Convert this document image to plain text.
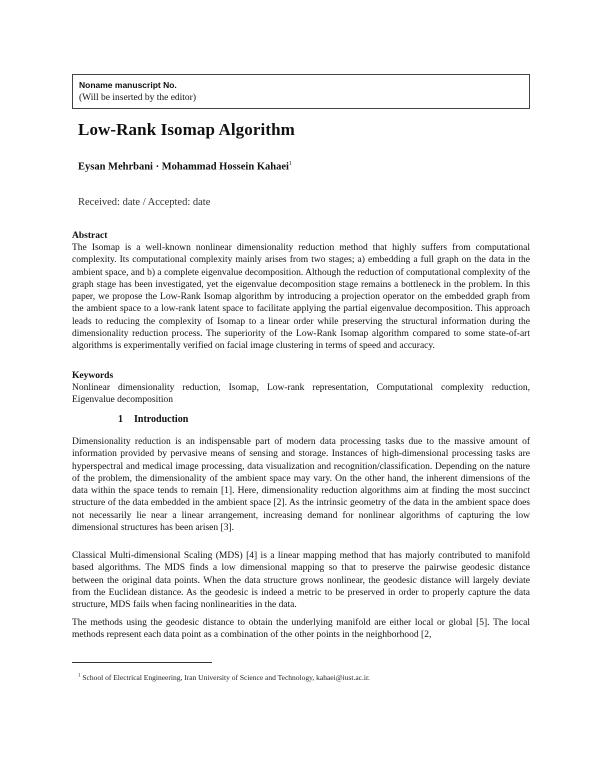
Noname manuscript No.
(Will be inserted by the editor)
Low-Rank Isomap Algorithm
Eysan Mehrbani · Mohammad Hossein Kahaei$^1$
Received: date / Accepted: date
Abstract
The Isomap is a well-known nonlinear dimensionality reduction method that highly suffers from computational complexity. Its computational complexity mainly arises from two stages; a) embedding a full graph on the data in the ambient space, and b) a complete eigenvalue decomposition. Although the reduction of computational complexity of the graph stage has been investigated, yet the eigenvalue decomposition stage remains a bottleneck in the problem. In this paper, we propose the Low-Rank Isomap algorithm by introducing a projection operator on the embedded graph from the ambient space to a low-rank latent space to facilitate applying the partial eigenvalue decomposition. This approach leads to reducing the complexity of Isomap to a linear order while preserving the structural information during the dimensionality reduction process. The superiority of the Low-Rank Isomap algorithm compared to some state-of-art algorithms is experimentally verified on facial image clustering in terms of speed and accuracy.
Keywords
Nonlinear dimensionality reduction, Isomap, Low-rank representation, Computational complexity reduction, Eigenvalue decomposition
1 Introduction
Dimensionality reduction is an indispensable part of modern data processing tasks due to the massive amount of information provided by pervasive means of sensing and storage. Instances of high-dimensional processing tasks are hyperspectral and medical image processing, data visualization and recognition/classification. Depending on the nature of the problem, the dimensionality of the ambient space may vary. On the other hand, the inherent dimensions of the data within the space tends to remain [1]. Here, dimensionality reduction algorithms aim at finding the most succinct structure of the data embedded in the ambient space [2]. As the intrinsic geometry of the data in the ambient space does not necessarily lie near a linear arrangement, increasing demand for nonlinear algorithms of capturing the low dimensional structures has been arisen [3].
Classical Multi-dimensional Scaling (MDS) [4] is a linear mapping method that has majorly contributed to manifold based algorithms. The MDS finds a low dimensional mapping so that to preserve the pairwise geodesic distance between the original data points. When the data structure grows nonlinear, the geodesic distance will largely deviate from the Euclidean distance. As the geodesic is indeed a metric to be preserved in order to properly capture the data structure, MDS fails when facing nonlinearities in the data.
The methods using the geodesic distance to obtain the underlying manifold are either local or global [5]. The local methods represent each data point as a combination of the other points in the neighborhood [2,
$^1$ School of Electrical Engineering, Iran University of Science and Technology, kahaei@iust.ac.ir.
